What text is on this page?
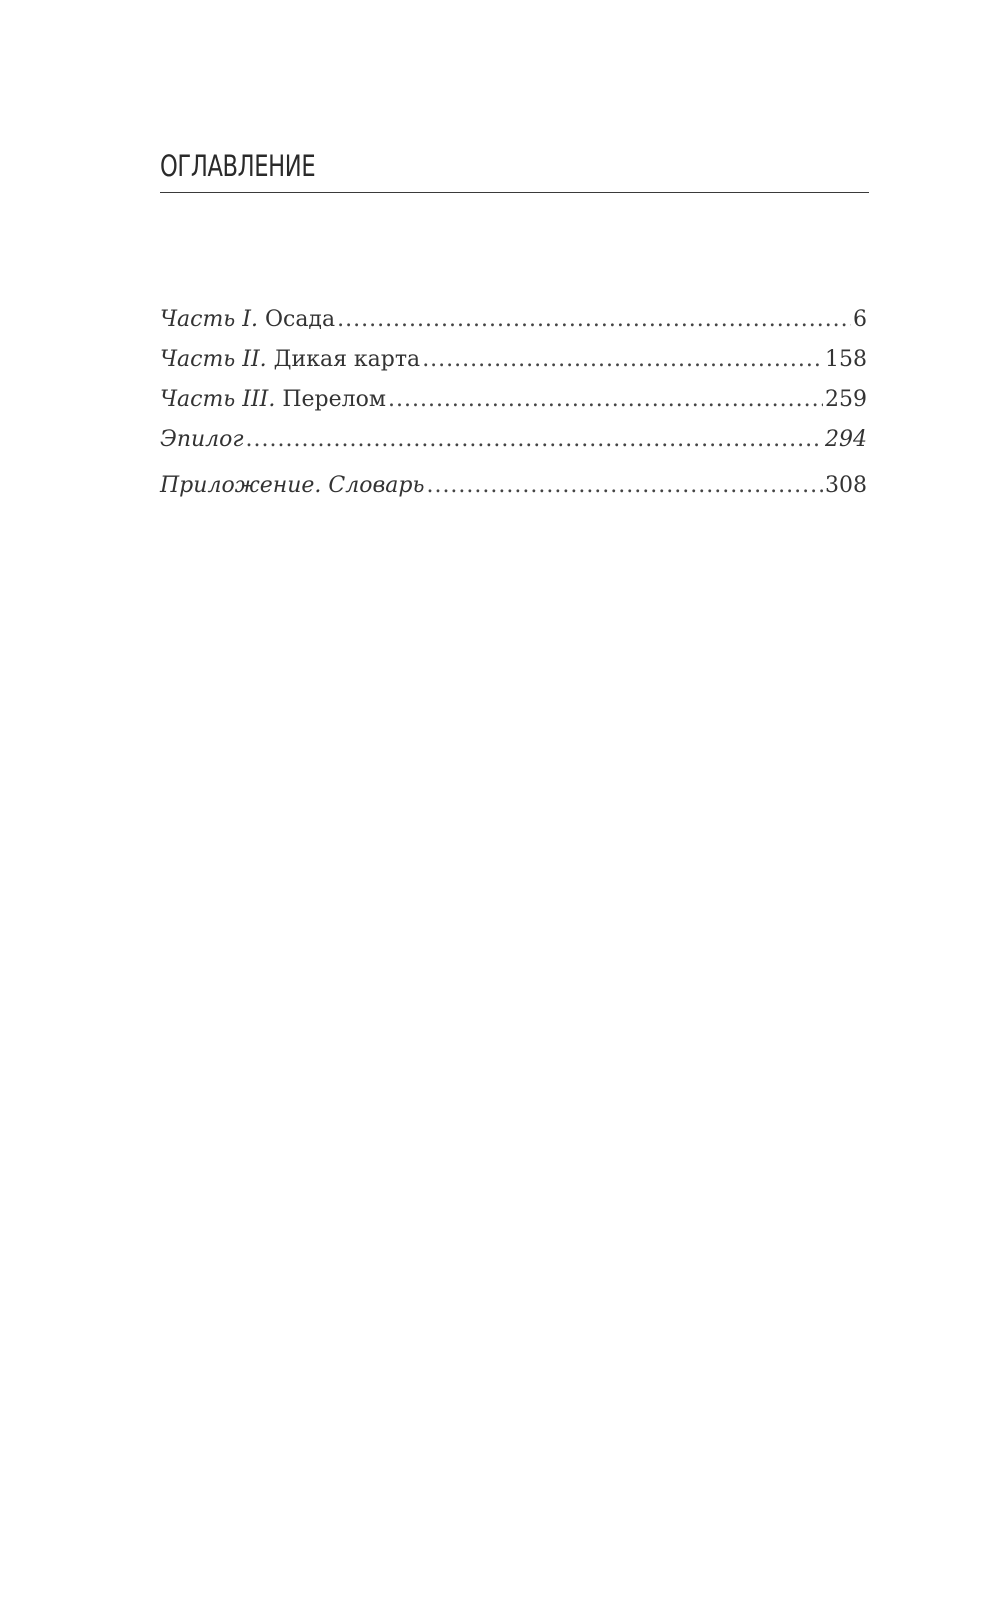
ОГЛАВЛЕНИЕ
Часть I. Осада .....	6
Часть II. Дикая карта .....	158
Часть III. Перелом .....	259
Эпилог .....	294
Приложение. Словарь .....	308
